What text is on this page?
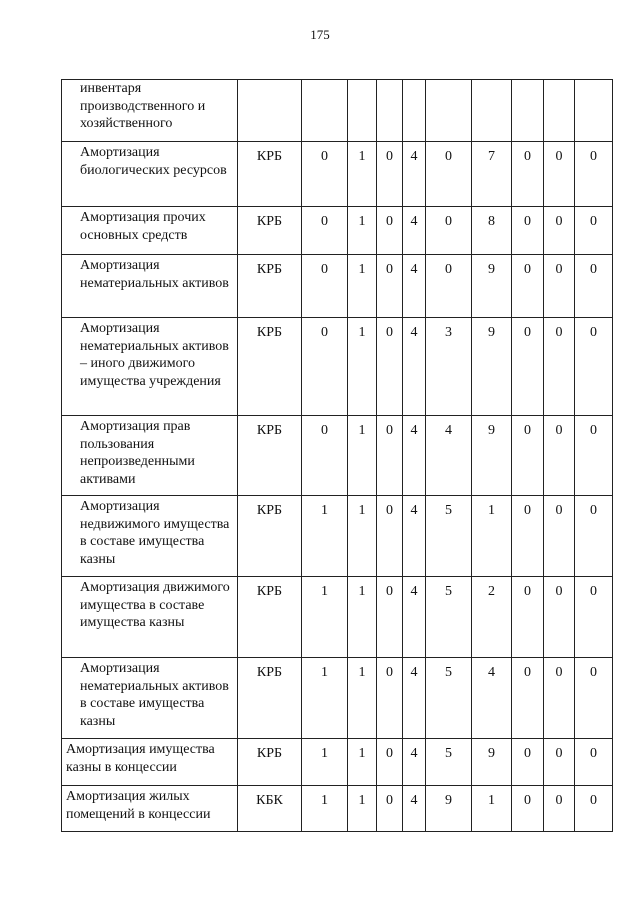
175
инвентаря производственного и хозяйственного										
Амортизация биологических ресурсов	КРБ	0	1	0	4	0	7	0	0	0
Амортизация прочих основных средств	КРБ	0	1	0	4	0	8	0	0	0
Амортизация нематериальных активов	КРБ	0	1	0	4	0	9	0	0	0
Амортизация нематериальных активов – иного движимого имущества учреждения	КРБ	0	1	0	4	3	9	0	0	0
Амортизация прав пользования непроизведенными активами	КРБ	0	1	0	4	4	9	0	0	0
Амортизация недвижимого имущества в составе имущества казны	КРБ	1	1	0	4	5	1	0	0	0
Амортизация движимого имущества в составе имущества казны	КРБ	1	1	0	4	5	2	0	0	0
Амортизация нематериальных активов в составе имущества казны	КРБ	1	1	0	4	5	4	0	0	0
Амортизация имущества казны в концессии	КРБ	1	1	0	4	5	9	0	0	0
Амортизация жилых помещений в концессии	КБК	1	1	0	4	9	1	0	0	0
